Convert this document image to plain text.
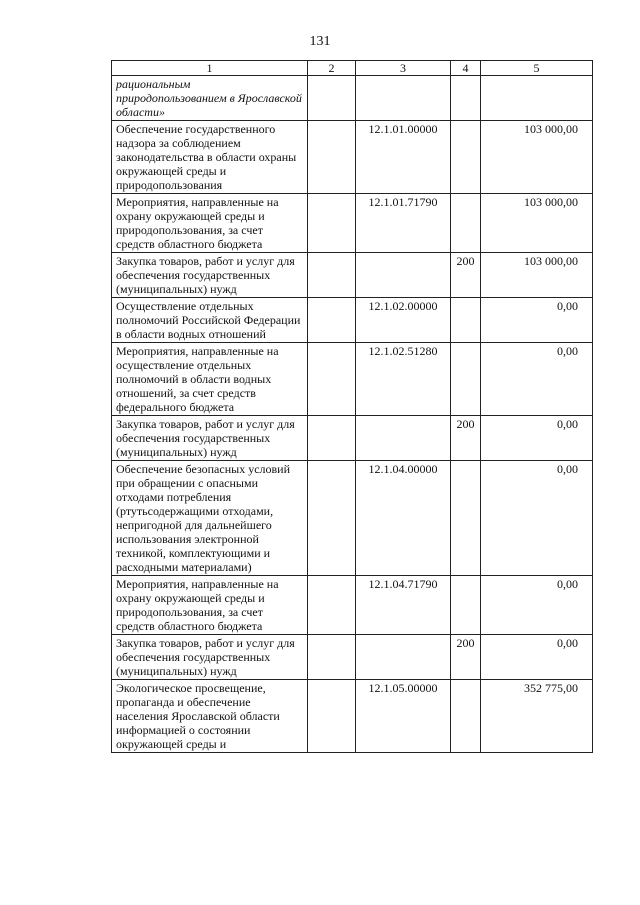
131
1	2	3	4	5
рациональным природопользованием в Ярославской области»				
Обеспечение государственного надзора за соблюдением законодательства в области охраны окружающей среды и природопользования		12.1.01.00000		103 000,00
Мероприятия, направленные на охрану окружающей среды и природопользования, за счет средств областного бюджета		12.1.01.71790		103 000,00
Закупка товаров, работ и услуг для обеспечения государственных (муниципальных) нужд			200	103 000,00
Осуществление отдельных полномочий Российской Федерации в области водных отношений		12.1.02.00000		0,00
Мероприятия, направленные на осуществление отдельных полномочий в области водных отношений, за счет средств федерального бюджета		12.1.02.51280		0,00
Закупка товаров, работ и услуг для обеспечения государственных (муниципальных) нужд			200	0,00
Обеспечение безопасных условий при обращении с опасными отходами потребления (ртутьсодержащими отходами, непригодной для дальнейшего использования электронной техникой, комплектующими и расходными материалами)		12.1.04.00000		0,00
Мероприятия, направленные на охрану окружающей среды и природопользования, за счет средств областного бюджета		12.1.04.71790		0,00
Закупка товаров, работ и услуг для обеспечения государственных (муниципальных) нужд			200	0,00
Экологическое просвещение, пропаганда и обеспечение населения Ярославской области информацией о состоянии окружающей среды и		12.1.05.00000		352 775,00
